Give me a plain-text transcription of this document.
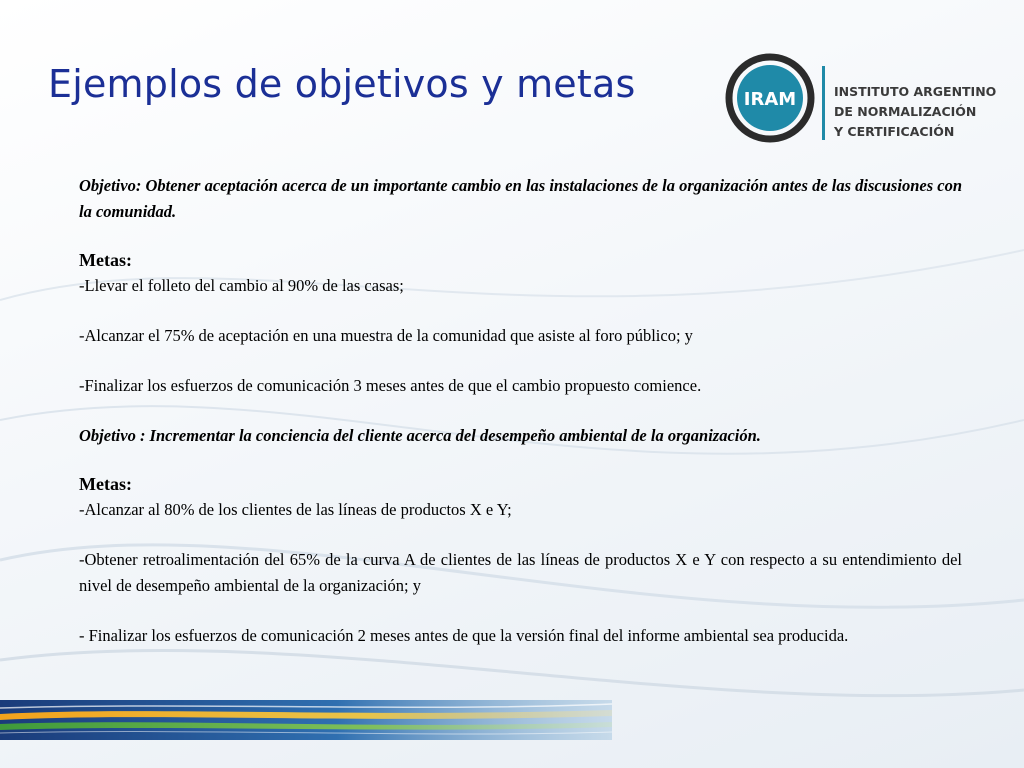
Ejemplos de objetivos y metas	IRAM	INSTITUTO ARGENTINO
DE NORMALIZACIÓN
Y CERTIFICACIÓN

Objetivo: Obtener aceptación acerca de un importante cambio en las instalaciones de la organización antes de las discusiones con la comunidad.

Metas:

-Llevar el folleto del cambio al 90% de las casas;

-Alcanzar el 75% de aceptación en una muestra de la comunidad que asiste al foro público; y

-Finalizar los esfuerzos de comunicación 3 meses antes de que el cambio propuesto comience.

Objetivo : Incrementar la conciencia del cliente acerca del desempeño ambiental de la organización.

Metas:

-Alcanzar al 80% de los clientes de las líneas de productos X e Y;

-Obtener retroalimentación del 65% de la curva A de clientes de las líneas de productos X e Y con respecto a su entendimiento del nivel de desempeño ambiental de la organización; y

- Finalizar los esfuerzos de comunicación 2 meses antes de que la versión final del informe ambiental sea producida.
